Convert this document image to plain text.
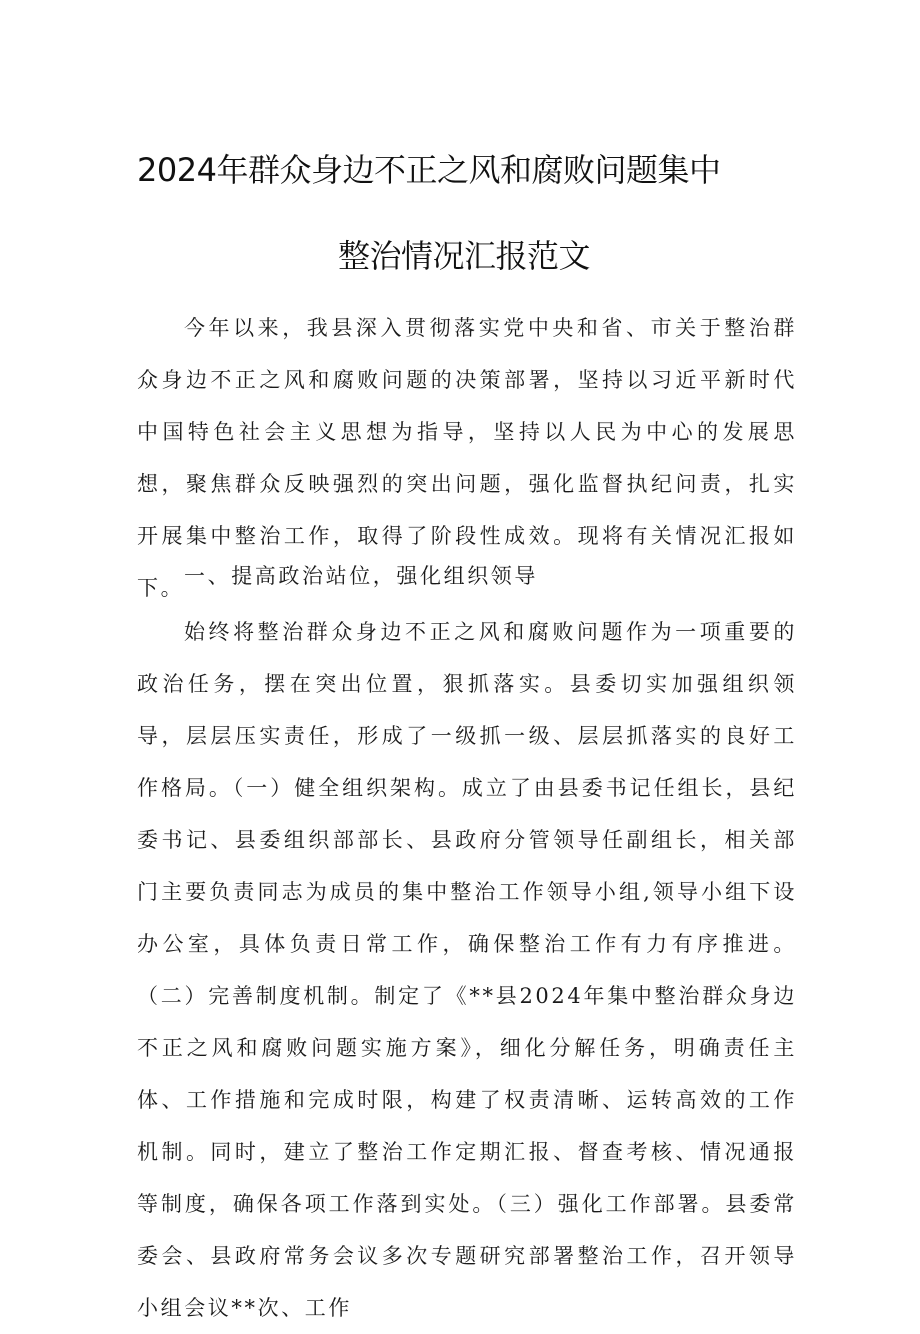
2024年群众身边不正之风和腐败问题集中
整治情况汇报范文
今年以来，我县深入贯彻落实党中央和省、市关于整治群众身边不正之风和腐败问题的决策部署，坚持以习近平新时代中国特色社会主义思想为指导，坚持以人民为中心的发展思想，聚焦群众反映强烈的突出问题，强化监督执纪问责，扎实开展集中整治工作，取得了阶段性成效。现将有关情况汇报如下。 一、提高政治站位，强化组织领导
始终将整治群众身边不正之风和腐败问题作为一项重要的政治任务，摆在突出位置，狠抓落实。县委切实加强组织领导，层层压实责任，形成了一级抓一级、层层抓落实的良好工作格局。（一）健全组织架构。成立了由县委书记任组长，县纪委书记、县委组织部部长、县政府分管领导任副组长，相关部门主要负责同志为成员的集中整治工作领导小组,领导小组下设办公室，具体负责日常工作，确保整治工作有力有序推进。（二）完善制度机制。制定了《**县2024年集中整治群众身边不正之风和腐败问题实施方案》，细化分解任务，明确责任主体、工作措施和完成时限，构建了权责清晰、运转高效的工作机制。同时，建立了整治工作定期汇报、督查考核、情况通报等制度，确保各项工作落到实处。（三）强化工作部署。县委常委会、县政府常务会议多次专题研究部署整治工作，召开领导小组会议**次、工作
